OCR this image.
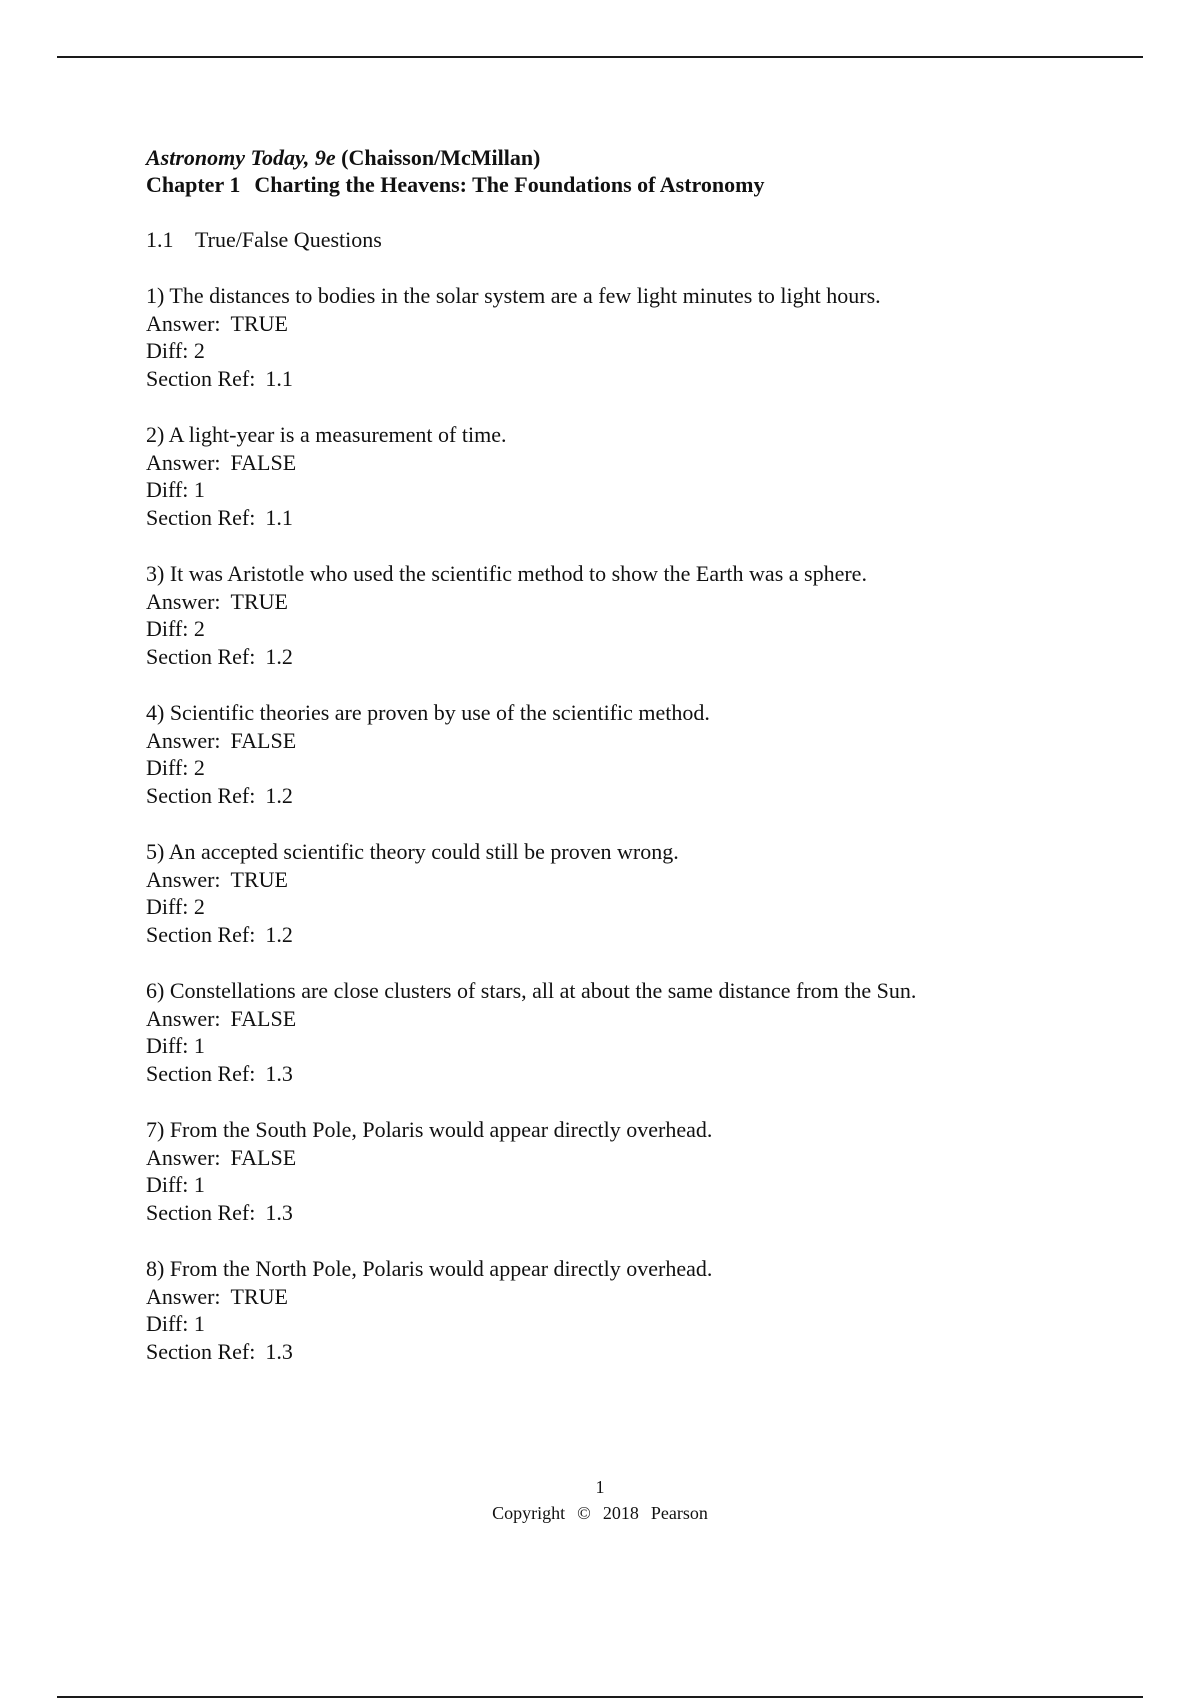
Astronomy Today, 9e (Chaisson/McMillan)
Chapter 1 Charting the Heavens: The Foundations of Astronomy
1.1 True/False Questions
1) The distances to bodies in the solar system are a few light minutes to light hours.
Answer: TRUE
Diff: 2
Section Ref: 1.1
2) A light-year is a measurement of time.
Answer: FALSE
Diff: 1
Section Ref: 1.1
3) It was Aristotle who used the scientific method to show the Earth was a sphere.
Answer: TRUE
Diff: 2
Section Ref: 1.2
4) Scientific theories are proven by use of the scientific method.
Answer: FALSE
Diff: 2
Section Ref: 1.2
5) An accepted scientific theory could still be proven wrong.
Answer: TRUE
Diff: 2
Section Ref: 1.2
6) Constellations are close clusters of stars, all at about the same distance from the Sun.
Answer: FALSE
Diff: 1
Section Ref: 1.3
7) From the South Pole, Polaris would appear directly overhead.
Answer: FALSE
Diff: 1
Section Ref: 1.3
8) From the North Pole, Polaris would appear directly overhead.
Answer: TRUE
Diff: 1
Section Ref: 1.3
1
Copyright © 2018 Pearson
